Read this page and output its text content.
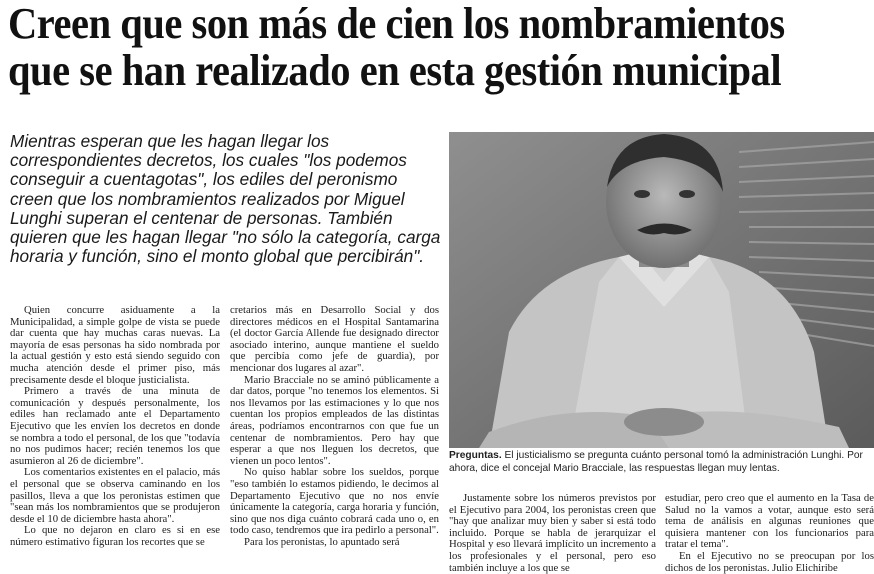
Creen que son más de cien los nombramientos
que se han realizado en esta gestión municipal
Mientras esperan que les hagan llegar los correspondientes decretos, los cuales "los podemos conseguir a cuentagotas", los ediles del peronismo creen que los nombramientos realizados por Miguel Lunghi superan el centenar de personas. También quieren que les hagan llegar "no sólo la categoría, carga horaria y función, sino el monto global que percibirán".
Preguntas. El justicialismo se pregunta cuánto personal tomó la administración Lunghi. Por ahora, dice el concejal Mario Bracciale, las respuestas llegan muy lentas.

Quien concurre asiduamente a la Municipalidad, a simple golpe de vista se puede dar cuenta que hay muchas caras nuevas. La mayoría de esas personas ha sido nombrada por la actual gestión y esto está siendo seguido con mucha atención desde el primer piso, más precisamente desde el bloque justicialista.

Primero a través de una minuta de comunicación y después personalmente, los ediles han reclamado ante el Departamento Ejecutivo que les envíen los decretos en donde se nombra a todo el personal, de los que "todavía no nos pudimos hacer; recién tenemos los que asumieron al 26 de diciembre".

Los comentarios existentes en el palacio, más el personal que se observa caminando en los pasillos, lleva a que los peronistas estimen que "sean más los nombramientos que se produjeron desde el 10 de diciembre hasta ahora".

Lo que no dejaron en claro es si en ese número estimativo figuran los recortes que se

cretarios más en Desarrollo Social y dos directores médicos en el Hospital Santamarina (el doctor García Allende fue designado director asociado interino, aunque mantiene el sueldo que percibía como jefe de guardia), por mencionar dos lugares al azar".

Mario Bracciale no se aminó públicamente a dar datos, porque "no tenemos los elementos. Si nos llevamos por las estimaciones y lo que nos cuentan los propios empleados de las distintas áreas, podríamos encontrarnos con que fue un centenar de nombramientos. Pero hay que esperar a que nos lleguen los decretos, que vienen un poco lentos".

No quiso hablar sobre los sueldos, porque "eso también lo estamos pidiendo, le decimos al Departamento Ejecutivo que no nos envíe únicamente la categoría, carga horaria y función, sino que nos diga cuánto cobrará cada uno o, en todo caso, tendremos que ira pedirlo a personal".

Para los peronistas, lo apuntado será

Justamente sobre los números previstos por el Ejecutivo para 2004, los peronistas creen que "hay que analizar muy bien y saber si está todo incluido. Porque se habla de jerarquizar el Hospital y eso llevará implícito un incremento a los profesionales y el personal, pero eso también incluye a los que se

estudiar, pero creo que el aumento en la Tasa de Salud no la vamos a votar, aunque esto será tema de análisis en algunas reuniones que quisiera mantener con los funcionarios para tratar el tema".

En el Ejecutivo no se preocupan por los dichos de los peronistas. Julio Elichiribe
